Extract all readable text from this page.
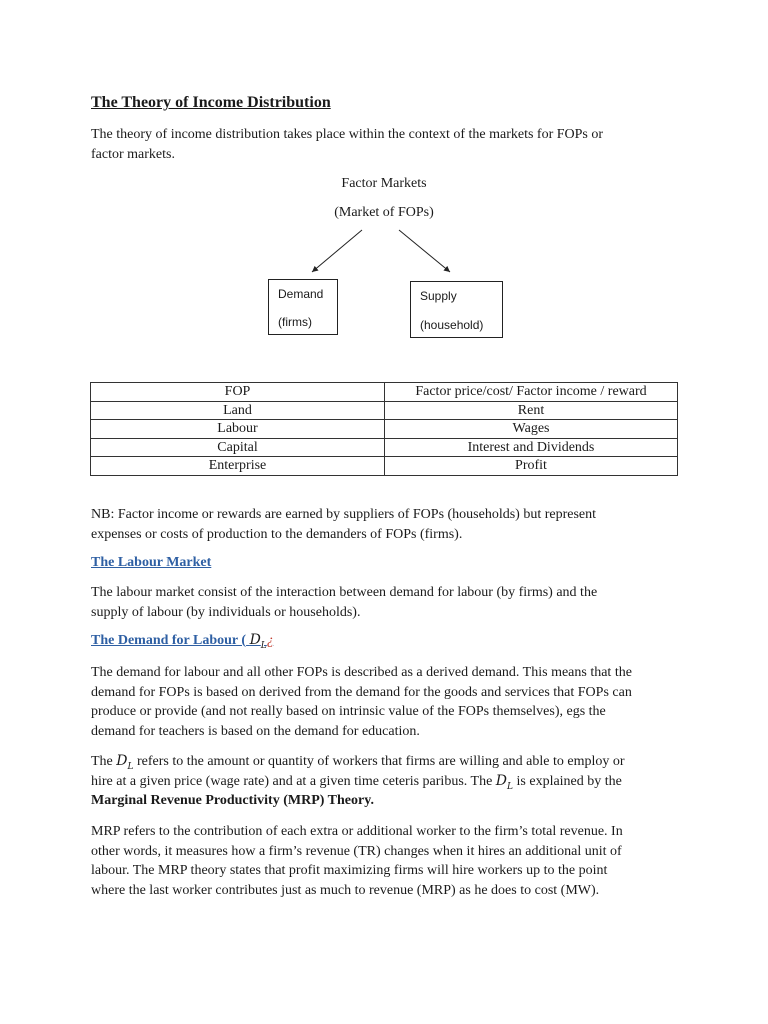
The Theory of Income Distribution
The theory of income distribution takes place within the context of the markets for FOPs or
factor markets.
Factor Markets
(Market of FOPs)
Demand
(firms)
Supply
(household)
FOP	Factor price/cost/ Factor income / reward
Land	Rent
Labour	Wages
Capital	Interest and Dividends
Enterprise	Profit
NB: Factor income or rewards are earned by suppliers of FOPs (households) but represent
expenses or costs of production to the demanders of FOPs (firms).
The Labour Market
The labour market consist of the interaction between demand for labour (by firms) and the
supply of labour (by individuals or households).
The Demand for Labour ( $D_L¿$
The demand for labour and all other FOPs is described as a derived demand. This means that the
demand for FOPs is based on derived from the demand for the goods and services that FOPs can
produce or provide (and not really based on intrinsic value of the FOPs themselves), egs the
demand for teachers is based on the demand for education.
The $D_L$ refers to the amount or quantity of workers that firms are willing and able to employ or
hire at a given price (wage rate) and at a given time ceteris paribus. The $D_L$ is explained by the
Marginal Revenue Productivity (MRP) Theory.
MRP refers to the contribution of each extra or additional worker to the firm’s total revenue. In
other words, it measures how a firm’s revenue (TR) changes when it hires an additional unit of
labour. The MRP theory states that profit maximizing firms will hire workers up to the point
where the last worker contributes just as much to revenue (MRP) as he does to cost (MW).
